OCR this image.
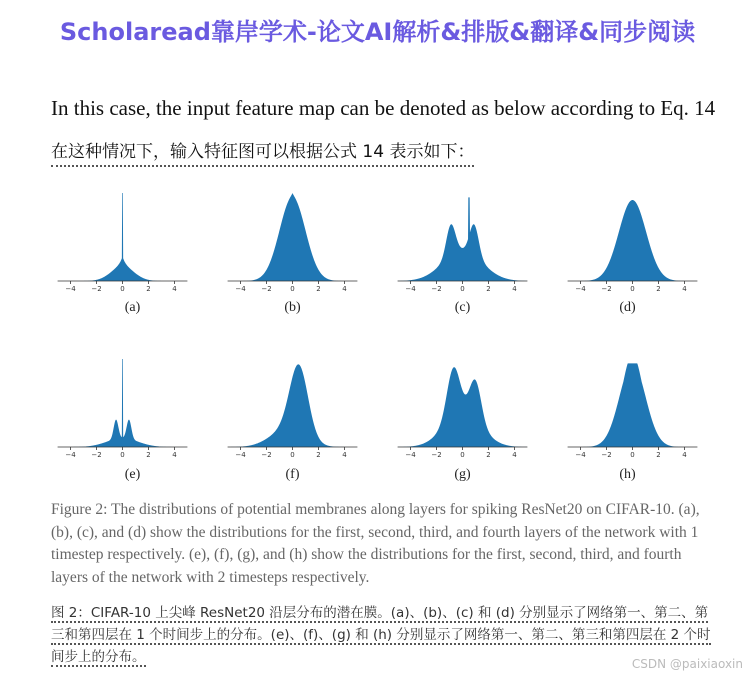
Scholaread靠岸学术-论文AI解析&排版&翻译&同步阅读
In this case, the input feature map can be denoted as below according to Eq. 14
在这种情况下，输入特征图可以根据公式 14 表示如下：
−4 −2	0	2	4
(a)
−4 −2	0	2	4
(b)
−4 −2	0	2	4
(c)
−4 −2	0	2	4
(d)
−4 −2	0	2	4
(e)
−4 −2	0	2	4
(f)
−4 −2	0	2	4
(g)
−4 −2	0	2	4
(h)
Figure 2: The distributions of potential membranes along layers for spiking ResNet20 on CIFAR-10. (a), (b), (c), and (d) show the distributions for the first, second, third, and fourth layers of the network with 1 timestep respectively. (e), (f), (g), and (h) show the distributions for the first, second, third, and fourth layers of the network with 2 timesteps respectively.
图 2：CIFAR-10 上尖峰 ResNet20 沿层分布的潜在膜。(a)、(b)、(c) 和 (d) 分别显示了网络第一、第二、第三和第四层在 1 个时间步上的分布。(e)、(f)、(g) 和 (h) 分别显示了网络第一、第二、第三和第四层在 2 个时间步上的分布。	CSDN @paixiaoxin
